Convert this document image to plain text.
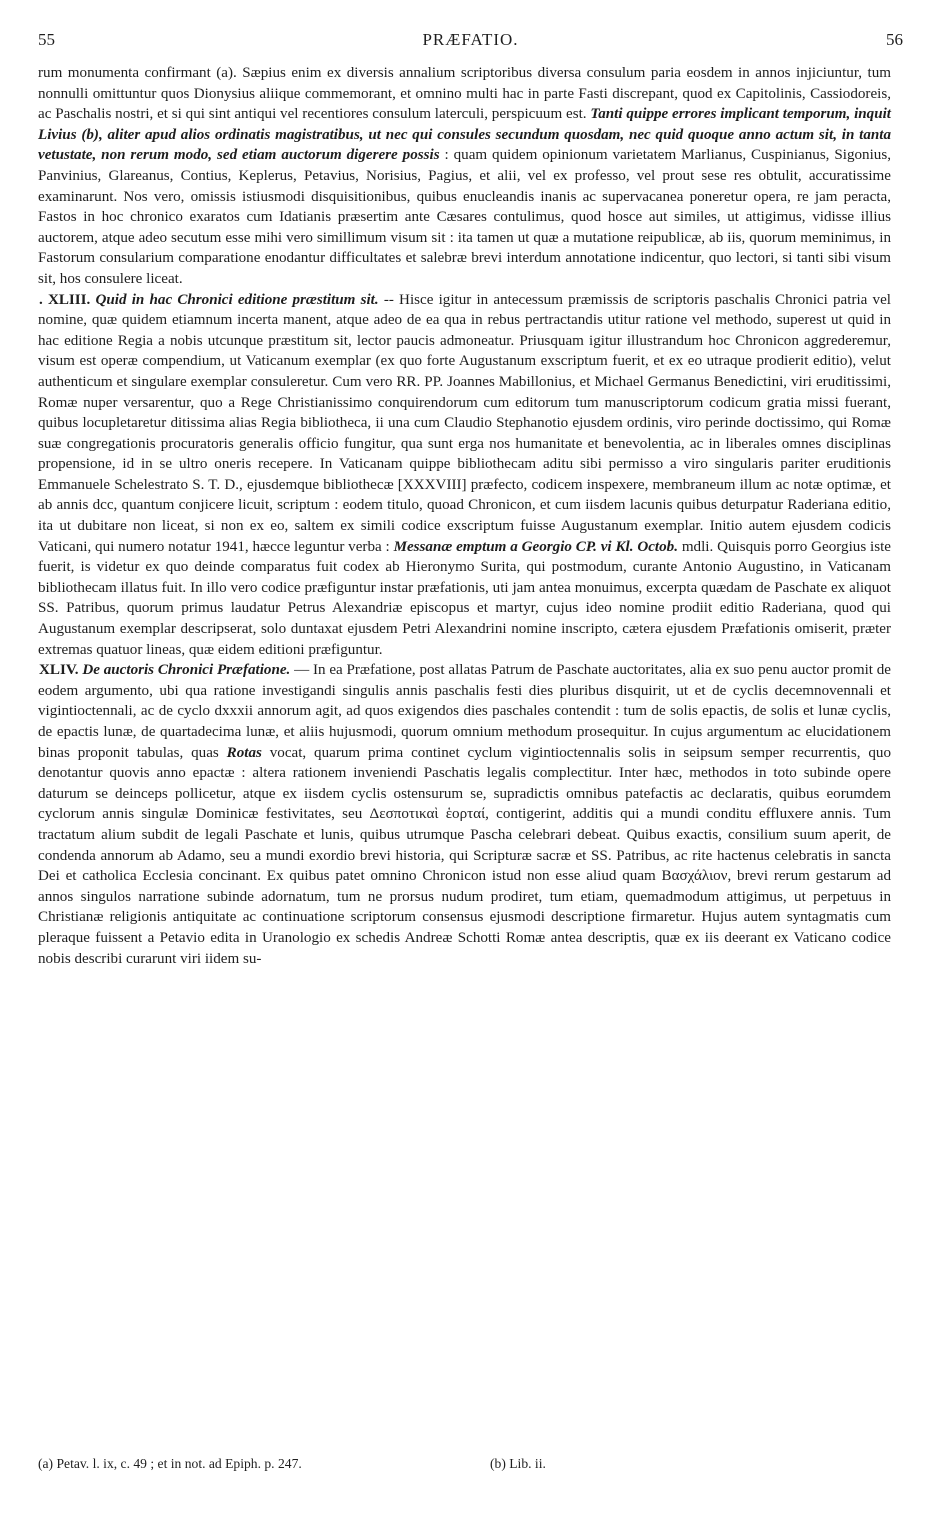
55	PRÆFATIO.	56

rum monumenta confirmant (a). Sæpius enim ex diversis annalium scriptoribus diversa consulum paria eosdem in annos injiciuntur, tum nonnulli omittuntur quos Dionysius aliique commemorant, et omnino multi hac in parte Fasti discrepant, quod ex Capitolinis, Cassiodoreis, ac Paschalis nostri, et si qui sint antiqui vel recentiores consulum laterculi, perspicuum est. Tanti quippe errores implicant temporum, inquit Livius (b), aliter apud alios ordinatis magistratibus, ut nec qui consules secundum quosdam, nec quid quoque anno actum sit, in tanta vetustate, non rerum modo, sed etiam auctorum digerere possis : quam quidem opinionum varietatem Marlianus, Cuspinianus, Sigonius, Panvinius, Glareanus, Contius, Keplerus, Petavius, Norisius, Pagius, et alii, vel ex professo, vel prout sese res obtulit, accuratissime examinarunt. Nos vero, omissis istiusmodi disquisitionibus, quibus enucleandis inanis ac supervacanea poneretur opera, re jam peracta, Fastos in hoc chronico exaratos cum Idatianis præsertim ante Cæsares contulimus, quod hosce aut similes, ut attigimus, vidisse illius auctorem, atque adeo secutum esse mihi vero simillimum visum sit : ita tamen ut quæ a mutatione reipublicæ, ab iis, quorum meminimus, in Fastorum consularium comparatione enodantur difficultates et salebræ brevi interdum annotatione indicentur, quo lectori, si tanti sibi visum sit, hos consulere liceat.

. XLIII. Quid in hac Chronici editione præstitum sit. -- Hisce igitur in antecessum præmissis de scriptoris paschalis Chronici patria vel nomine, quæ quidem etiamnum incerta manent, atque adeo de ea qua in rebus pertractandis utitur ratione vel methodo, superest ut quid in hac editione Regia a nobis utcunque præstitum sit, lector paucis admoneatur. Priusquam igitur illustrandum hoc Chronicon aggrederemur, visum est operæ compendium, ut Vaticanum exemplar (ex quo forte Augustanum exscriptum fuerit, et ex eo utraque prodierit editio), velut authenticum et singulare exemplar consuleretur. Cum vero RR. PP. Joannes Mabillonius, et Michael Germanus Benedictini, viri eruditissimi, Romæ nuper versarentur, quo a Rege Christianissimo conquirendorum cum editorum tum manuscriptorum codicum gratia missi fuerant, quibus locupletaretur ditissima alias Regia bibliotheca, ii una cum Claudio Stephanotio ejusdem ordinis, viro perinde doctissimo, qui Romæ suæ congregationis procuratoris generalis officio fungitur, qua sunt erga nos humanitate et benevolentia, ac in liberales omnes disciplinas propensione, id in se ultro oneris recepere. In Vaticanam quippe bibliothecam aditu sibi permisso a viro singularis pariter eruditionis Emmanuele Schelestrato S. T. D., ejusdemque bibliothecæ [XXXVIII] præfecto, codicem inspexere, membraneum illum ac notæ optimæ, et ab annis dcc, quantum conjicere licuit, scriptum : eodem titulo, quoad Chronicon, et cum iisdem lacunis quibus deturpatur Raderiana editio, ita ut dubitare non liceat, si non ex eo, saltem ex simili codice exscriptum fuisse Augustanum exemplar. Initio autem ejusdem codicis Vaticani, qui numero notatur 1941, hæcce leguntur verba : Messanæ emptum a Georgio CP. vi Kl. Octob. mdli. Quisquis porro Georgius iste fuerit, is videtur ex quo deinde comparatus fuit codex ab Hieronymo Surita, qui postmodum, curante Antonio Augustino, in Vaticanam bibliothecam illatus fuit. In illo vero codice præfiguntur instar præfationis, uti jam antea monuimus, excerpta quædam de Paschate ex aliquot SS. Patribus, quorum primus laudatur Petrus Alexandriæ episcopus et martyr, cujus ideo nomine prodiit editio Raderiana, quod qui Augustanum exemplar descripserat, solo duntaxat ejusdem Petri Alexandrini nomine inscripto, cætera ejusdem Præfationis omiserit, præter extremas quatuor lineas, quæ eidem editioni præfiguntur.

XLIV. De auctoris Chronici Præfatione. — In ea Præfatione, post allatas Patrum de Paschate auctoritates, alia ex suo penu auctor promit de eodem argumento, ubi qua ratione investigandi singulis annis paschalis festi dies pluribus disquirit, ut et de cyclis decemnovennali et vigintioctennali, ac de cyclo dxxxii annorum agit, ad quos exigendos dies paschales contendit : tum de solis epactis, de solis et lunæ cyclis, de epactis lunæ, de quartadecima lunæ, et aliis hujusmodi, quorum omnium methodum prosequitur. In cujus argumentum ac elucidationem binas proponit tabulas, quas Rotas vocat, quarum prima continet cyclum vigintioctennalis solis in seipsum semper recurrentis, quo denotantur quovis anno epactæ : altera rationem inveniendi Paschatis legalis complectitur. Inter hæc, methodos in toto subinde opere daturum se deinceps pollicetur, atque ex iisdem cyclis ostensurum se, supradictis omnibus patefactis ac declaratis, quibus eorumdem cyclorum annis singulæ Dominicæ festivitates, seu Δεσποτικαὶ ἑορταί, contigerint, additis qui a mundi conditu effluxere annis. Tum tractatum alium subdit de legali Paschate et lunis, quibus utrumque Pascha celebrari debeat. Quibus exactis, consilium suum aperit, de condenda annorum ab Adamo, seu a mundi exordio brevi historia, qui Scripturæ sacræ et SS. Patribus, ac rite hactenus celebratis in sancta Dei et catholica Ecclesia concinant. Ex quibus patet omnino Chronicon istud non esse aliud quam Βασχάλιον, brevi rerum gestarum ad annos singulos narratione subinde adornatum, tum ne prorsus nudum prodiret, tum etiam, quemadmodum attigimus, ut perpetuus in Christianæ religionis antiquitate ac continuatione scriptorum consensus ejusmodi descriptione firmaretur. Hujus autem syntagmatis cum pleraque fuissent a Petavio edita in Uranologio ex schedis Andreæ Schotti Romæ antea descriptis, quæ ex iis deerant ex Vaticano codice nobis describi curarunt viri iidem su-

(a) Petav. l. ix, c. 49 ; et in not. ad Epiph. p. 247.	(b) Lib. ii.
